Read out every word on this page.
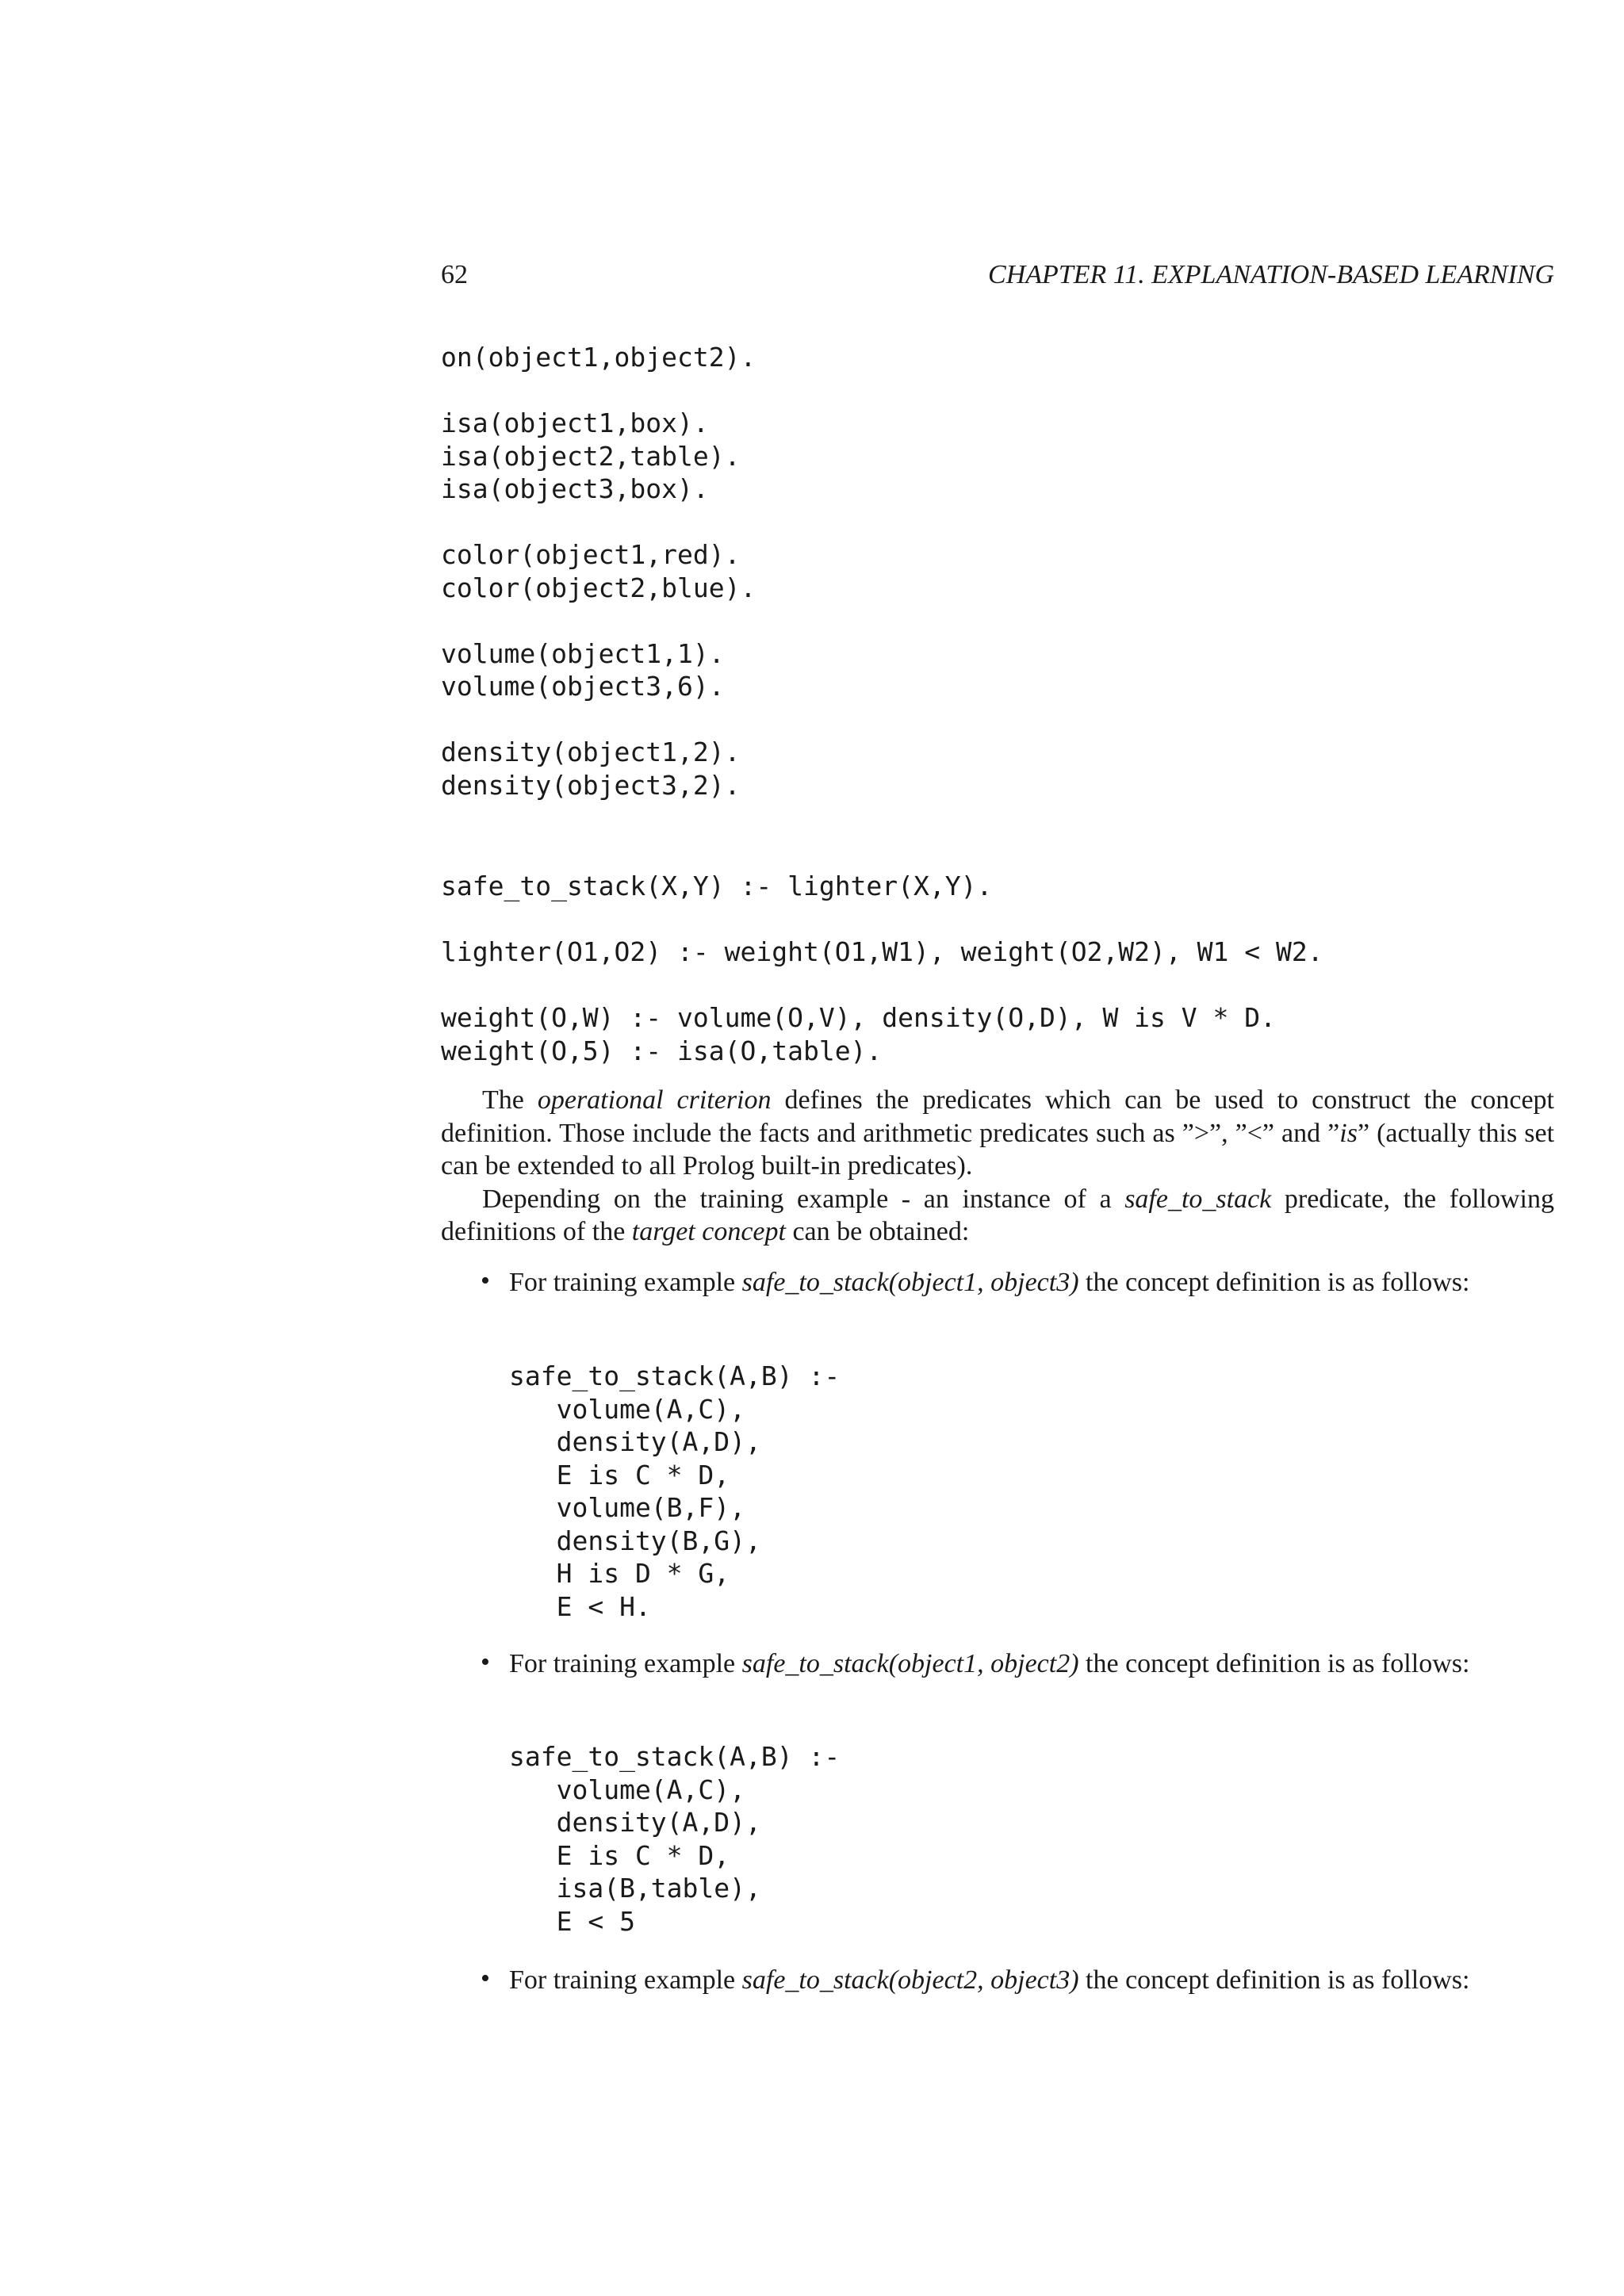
62	CHAPTER 11. EXPLANATION-BASED LEARNING
on(object1,object2).

isa(object1,box).
isa(object2,table).
isa(object3,box).

color(object1,red).
color(object2,blue).

volume(object1,1).
volume(object3,6).

density(object1,2).
density(object3,2).
safe_to_stack(X,Y) :- lighter(X,Y).

lighter(O1,O2) :- weight(O1,W1), weight(O2,W2), W1 < W2.

weight(O,W) :- volume(O,V), density(O,D), W is V * D.
weight(O,5) :- isa(O,table).

The operational criterion defines the predicates which can be used to construct the concept definition. Those include the facts and arithmetic predicates such as ”>”, ”<” and ”is” (actually this set can be extended to all Prolog built-in predicates).

Depending on the training example - an instance of a safe_to_stack predicate, the following definitions of the target concept can be obtained:

• For training example safe_to_stack(object1, object3) the concept definition is as follows:
safe_to_stack(A,B) :-
volume(A,C),
density(A,D),
E is C * D,
volume(B,F),
density(B,G),
H is D * G,
E < H.
• For training example safe_to_stack(object1, object2) the concept definition is as follows:
safe_to_stack(A,B) :-
volume(A,C),
density(A,D),
E is C * D,
isa(B,table),
E < 5
• For training example safe_to_stack(object2, object3) the concept definition is as follows:
